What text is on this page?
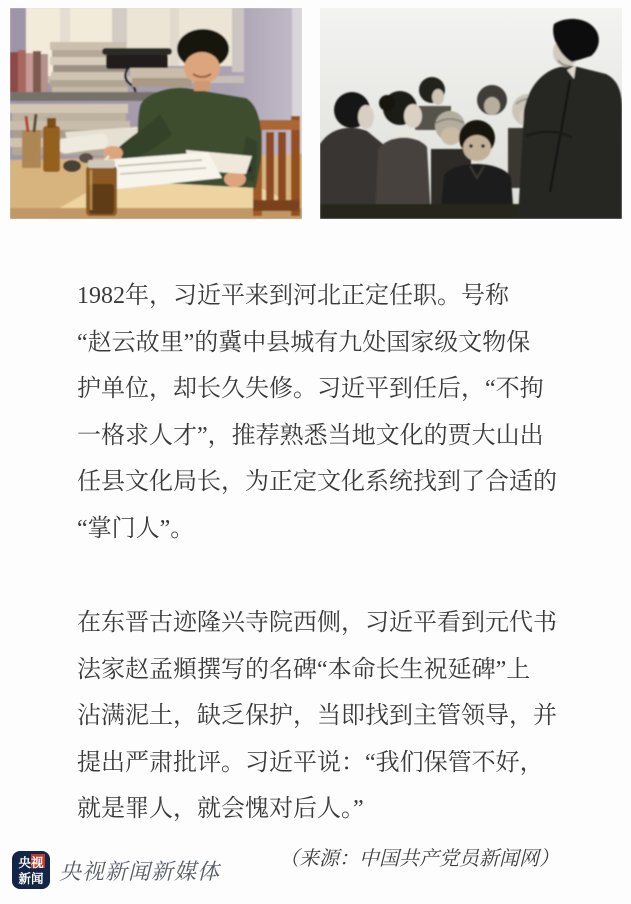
1982年，习近平来到河北正定任职。号称
“赵云故里”的冀中县城有九处国家级文物保
护单位，却长久失修。习近平到任后，“不拘
一格求人才”，推荐熟悉当地文化的贾大山出
任县文化局长，为正定文化系统找到了合适的
“掌门人”。
在东晋古迹隆兴寺院西侧，习近平看到元代书
法家赵孟頫撰写的名碑“本命长生祝延碑”上
沾满泥土，缺乏保护，当即找到主管领导，并
提出严肃批评。习近平说：“我们保管不好，
就是罪人，就会愧对后人。”
（来源：中国共产党员新闻网）
央视
新闻 央视新闻新媒体
